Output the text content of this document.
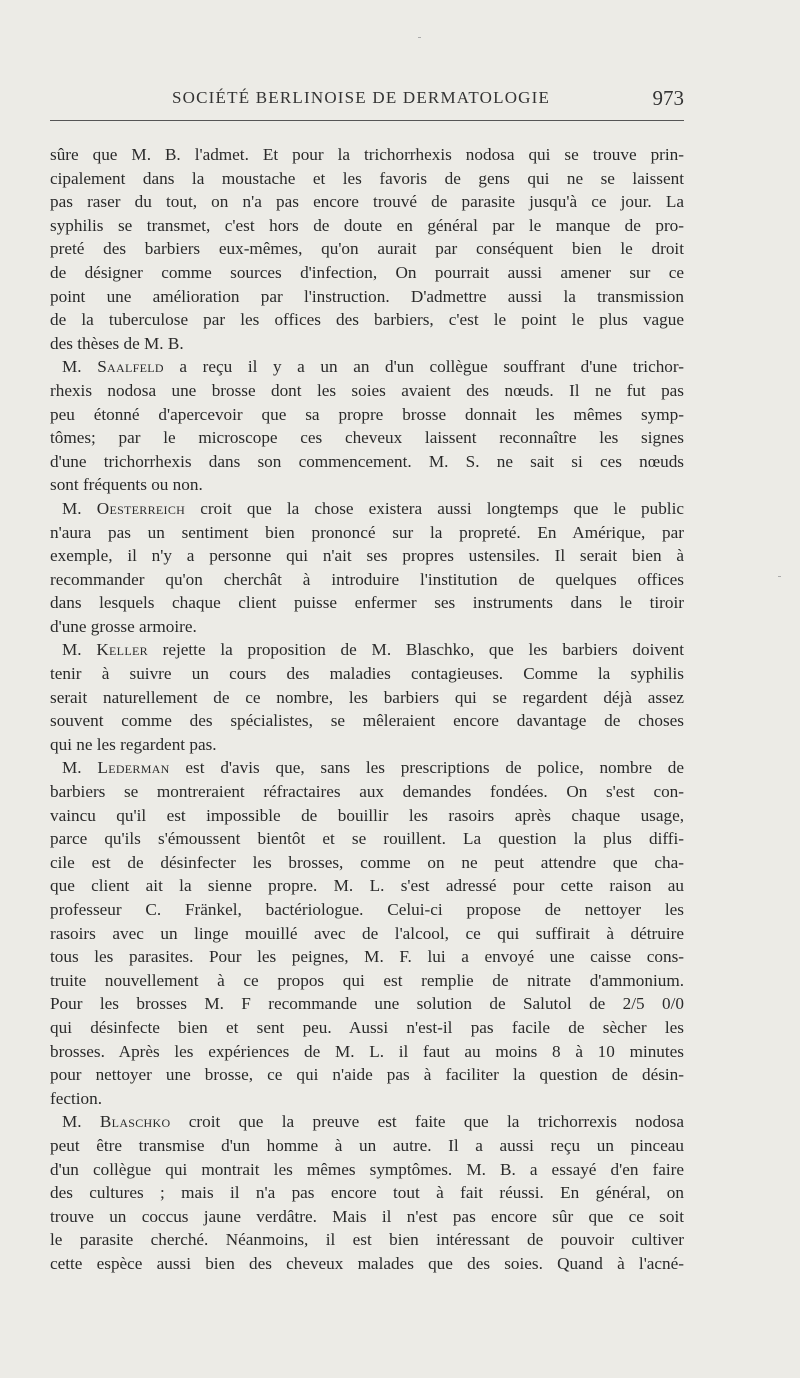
SOCIÉTÉ BERLINOISE DE DERMATOLOGIE	973
sûre que M. B. l'admet. Et pour la trichorrhexis nodosa qui se trouve prin-
cipalement dans la moustache et les favoris de gens qui ne se laissent
pas raser du tout, on n'a pas encore trouvé de parasite jusqu'à ce jour. La
syphilis se transmet, c'est hors de doute en général par le manque de pro-
preté des barbiers eux-mêmes, qu'on aurait par conséquent bien le droit
de désigner comme sources d'infection, On pourrait aussi amener sur ce
point une amélioration par l'instruction. D'admettre aussi la transmission
de la tuberculose par les offices des barbiers, c'est le point le plus vague
des thèses de M. B.
M. Saalfeld a reçu il y a un an d'un collègue souffrant d'une trichor-
rhexis nodosa une brosse dont les soies avaient des nœuds. Il ne fut pas
peu étonné d'apercevoir que sa propre brosse donnait les mêmes symp-
tômes; par le microscope ces cheveux laissent reconnaître les signes
d'une trichorrhexis dans son commencement. M. S. ne sait si ces nœuds
sont fréquents ou non.
M. Oesterreich croit que la chose existera aussi longtemps que le public
n'aura pas un sentiment bien prononcé sur la propreté. En Amérique, par
exemple, il n'y a personne qui n'ait ses propres ustensiles. Il serait bien à
recommander qu'on cherchât à introduire l'institution de quelques offices
dans lesquels chaque client puisse enfermer ses instruments dans le tiroir
d'une grosse armoire.
M. Keller rejette la proposition de M. Blaschko, que les barbiers doivent
tenir à suivre un cours des maladies contagieuses. Comme la syphilis
serait naturellement de ce nombre, les barbiers qui se regardent déjà assez
souvent comme des spécialistes, se mêleraient encore davantage de choses
qui ne les regardent pas.
M. Lederman est d'avis que, sans les prescriptions de police, nombre de
barbiers se montreraient réfractaires aux demandes fondées. On s'est con-
vaincu qu'il est impossible de bouillir les rasoirs après chaque usage,
parce qu'ils s'émoussent bientôt et se rouillent. La question la plus diffi-
cile est de désinfecter les brosses, comme on ne peut attendre que cha-
que client ait la sienne propre. M. L. s'est adressé pour cette raison au
professeur C. Fränkel, bactériologue. Celui-ci propose de nettoyer les
rasoirs avec un linge mouillé avec de l'alcool, ce qui suffirait à détruire
tous les parasites. Pour les peignes, M. F. lui a envoyé une caisse cons-
truite nouvellement à ce propos qui est remplie de nitrate d'ammonium.
Pour les brosses M. F recommande une solution de Salutol de 2/5 0/0
qui désinfecte bien et sent peu. Aussi n'est-il pas facile de sècher les
brosses. Après les expériences de M. L. il faut au moins 8 à 10 minutes
pour nettoyer une brosse, ce qui n'aide pas à faciliter la question de désin-
fection.
M. Blaschko croit que la preuve est faite que la trichorrexis nodosa
peut être transmise d'un homme à un autre. Il a aussi reçu un pinceau
d'un collègue qui montrait les mêmes symptômes. M. B. a essayé d'en faire
des cultures ; mais il n'a pas encore tout à fait réussi. En général, on
trouve un coccus jaune verdâtre. Mais il n'est pas encore sûr que ce soit
le parasite cherché. Néanmoins, il est bien intéressant de pouvoir cultiver
cette espèce aussi bien des cheveux malades que des soies. Quand à l'acné-
